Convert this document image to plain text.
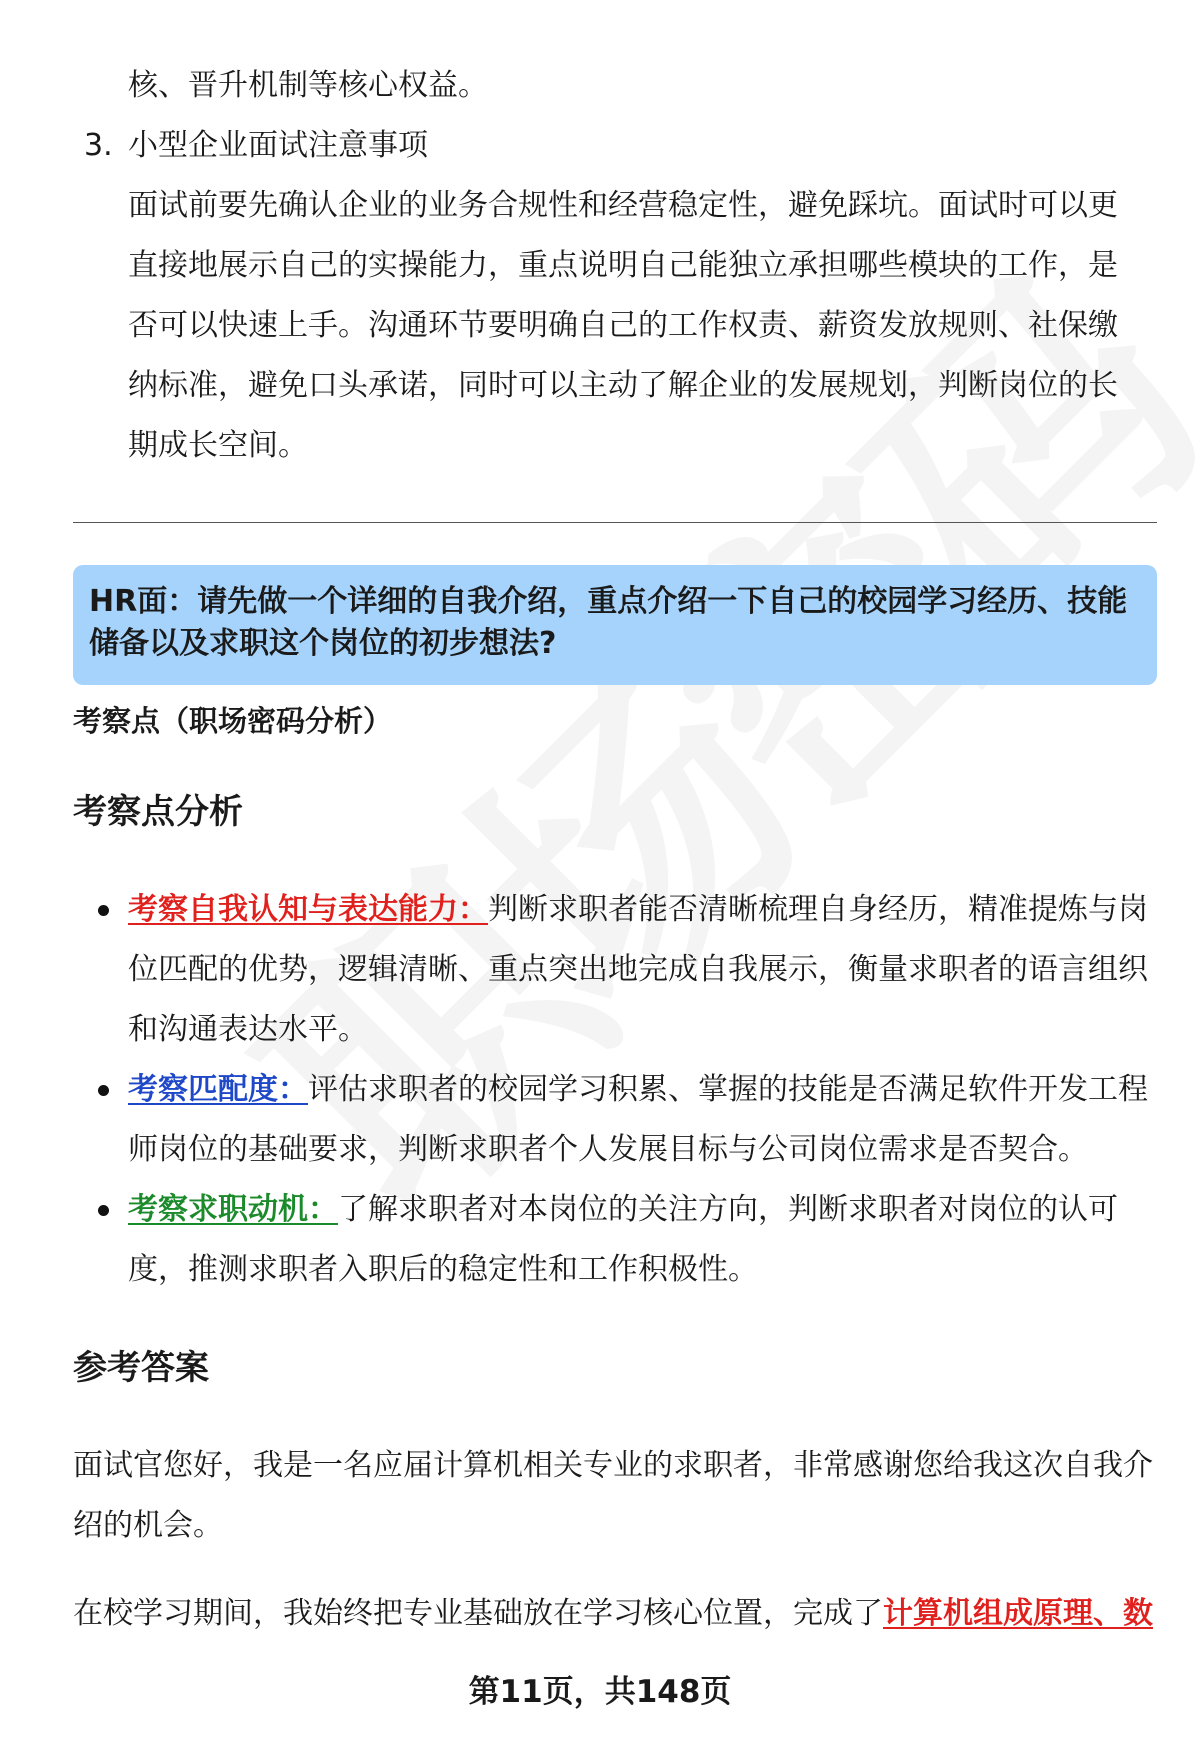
核、晋升机制等核心权益。

3. 小型企业面试注意事项

面试前要先确认企业的业务合规性和经营稳定性，避免踩坑。面试时可以更直接地展示自己的实操能力，重点说明自己能独立承担哪些模块的工作，是否可以快速上手。沟通环节要明确自己的工作权责、薪资发放规则、社保缴纳标准，避免口头承诺，同时可以主动了解企业的发展规划，判断岗位的长期成长空间。

HR面：请先做一个详细的自我介绍，重点介绍一下自己的校园学习经历、技能储备以及求职这个岗位的初步想法?

考察点（职场密码分析）
考察点分析
考察自我认知与表达能力：判断求职者能否清晰梳理自身经历，精准提炼与岗位匹配的优势，逻辑清晰、重点突出地完成自我展示，衡量求职者的语言组织和沟通表达水平。
考察匹配度：评估求职者的校园学习积累、掌握的技能是否满足软件开发工程师岗位的基础要求，判断求职者个人发展目标与公司岗位需求是否契合。
考察求职动机：了解求职者对本岗位的关注方向，判断求职者对岗位的认可度，推测求职者入职后的稳定性和工作积极性。
参考答案

面试官您好，我是一名应届计算机相关专业的求职者，非常感谢您给我这次自我介绍的机会。

在校学习期间，我始终把专业基础放在学习核心位置，完成了计算机组成原理、数

第11页，共148页
